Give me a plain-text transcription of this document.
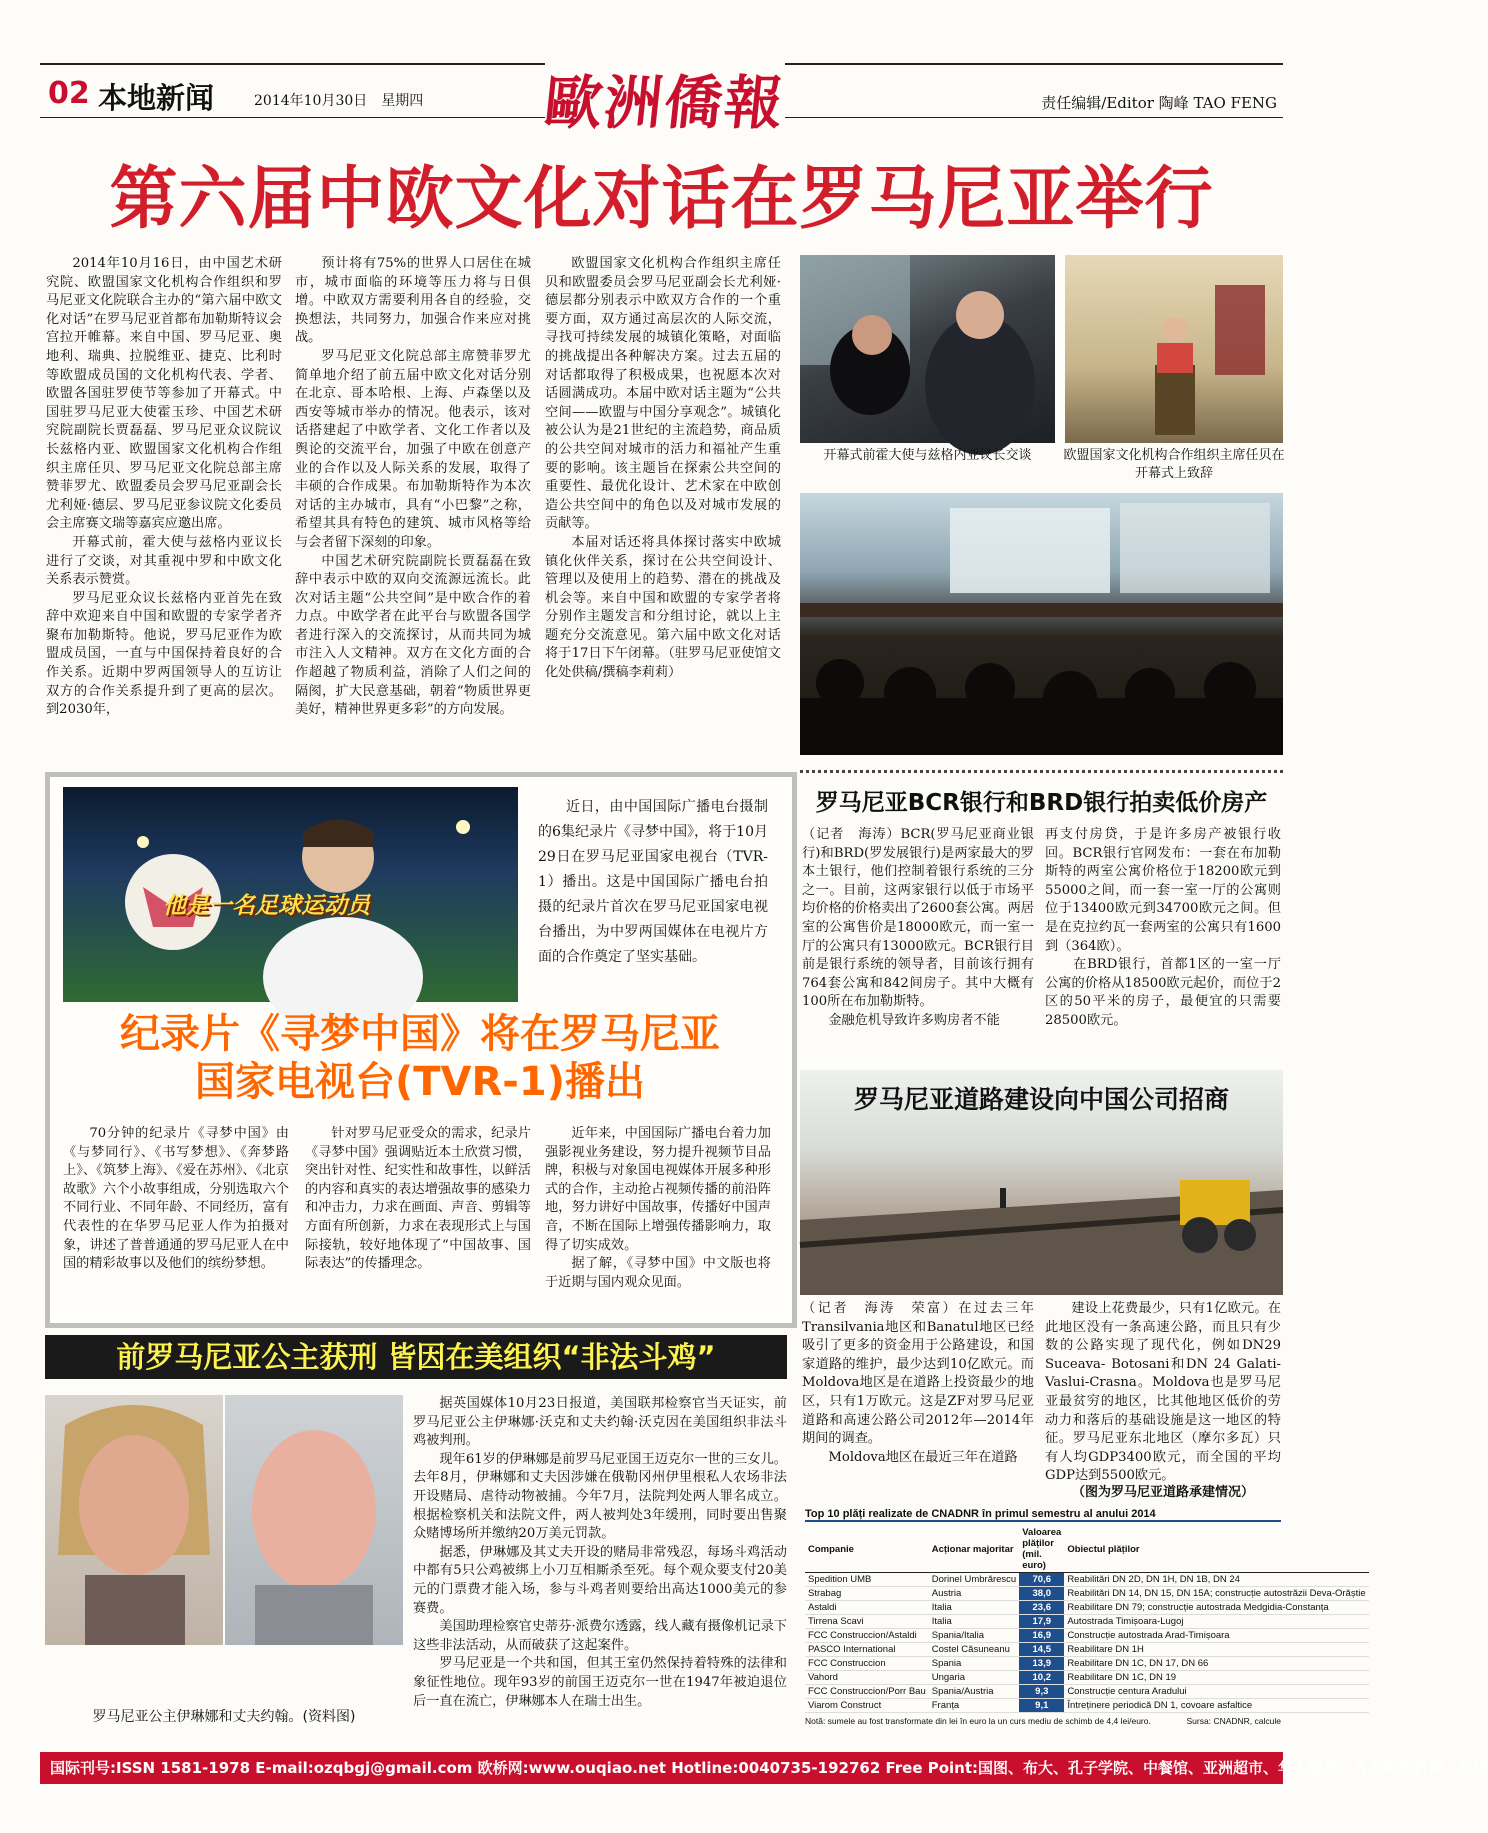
02 本地新闻	2014年10月30日　星期四 歐洲僑報	责任编辑/Editor 陶峰 TAO FENG
第六届中欧文化对话在罗马尼亚举行

2014年10月16日，由中国艺术研究院、欧盟国家文化机构合作组织和罗马尼亚文化院联合主办的“第六届中欧文化对话”在罗马尼亚首都布加勒斯特议会宫拉开帷幕。来自中国、罗马尼亚、奥地利、瑞典、拉脱维亚、捷克、比利时等欧盟成员国的文化机构代表、学者、欧盟各国驻罗使节等参加了开幕式。中国驻罗马尼亚大使霍玉珍、中国艺术研究院副院长贾磊磊、罗马尼亚众议院议长兹格内亚、欧盟国家文化机构合作组织主席任贝、罗马尼亚文化院总部主席赞菲罗尤、欧盟委员会罗马尼亚副会长尤利娅·德层、罗马尼亚参议院文化委员会主席赛文瑞等嘉宾应邀出席。

开幕式前，霍大使与兹格内亚议长进行了交谈，对其重视中罗和中欧文化关系表示赞赏。

罗马尼亚众议长兹格内亚首先在致辞中欢迎来自中国和欧盟的专家学者齐聚布加勒斯特。他说，罗马尼亚作为欧盟成员国，一直与中国保持着良好的合作关系。近期中罗两国领导人的互访让双方的合作关系提升到了更高的层次。到2030年，

预计将有75%的世界人口居住在城市，城市面临的环境等压力将与日俱增。中欧双方需要利用各自的经验，交换想法，共同努力，加强合作来应对挑战。

罗马尼亚文化院总部主席赞菲罗尤简单地介绍了前五届中欧文化对话分别在北京、哥本哈根、上海、卢森堡以及西安等城市举办的情况。他表示，该对话搭建起了中欧学者、文化工作者以及舆论的交流平台，加强了中欧在创意产业的合作以及人际关系的发展，取得了丰硕的合作成果。布加勒斯特作为本次对话的主办城市，具有“小巴黎”之称，希望其具有特色的建筑、城市风格等给与会者留下深刻的印象。

中国艺术研究院副院长贾磊磊在致辞中表示中欧的双向交流源远流长。此次对话主题“公共空间”是中欧合作的着力点。中欧学者在此平台与欧盟各国学者进行深入的交流探讨，从而共同为城市注入人文精神。双方在文化方面的合作超越了物质利益，消除了人们之间的隔阂，扩大民意基础，朝着“物质世界更美好，精神世界更多彩”的方向发展。

欧盟国家文化机构合作组织主席任贝和欧盟委员会罗马尼亚副会长尤利娅·德层都分别表示中欧双方合作的一个重要方面，双方通过高层次的人际交流，寻找可持续发展的城镇化策略，对面临的挑战提出各种解决方案。过去五届的对话都取得了积极成果，也祝愿本次对话圆满成功。本届中欧对话主题为“公共空间——欧盟与中国分享观念”。城镇化被公认为是21世纪的主流趋势，商品质的公共空间对城市的活力和福祉产生重要的影响。该主题旨在探索公共空间的重要性、最优化设计、艺术家在中欧创造公共空间中的角色以及对城市发展的贡献等。

本届对话还将具体探讨落实中欧城镇化伙伴关系，探讨在公共空间设计、管理以及使用上的趋势、潜在的挑战及机会等。来自中国和欧盟的专家学者将分别作主题发言和分组讨论，就以上主题充分交流意见。第六届中欧文化对话将于17日下午闭幕。（驻罗马尼亚使馆文化处供稿/撰稿李莉莉）

开幕式前霍大使与兹格内亚议长交谈	欧盟国家文化机构合作组织主席任贝在开幕式上致辞
他是一名足球运动员

近日，由中国国际广播电台摄制的6集纪录片《寻梦中国》，将于10月29日在罗马尼亚国家电视台（TVR-1）播出。这是中国国际广播电台拍摄的纪录片首次在罗马尼亚国家电视台播出，为中罗两国媒体在电视片方面的合作奠定了坚实基础。

纪录片《寻梦中国》将在罗马尼亚
国家电视台(TVR-1)播出

70分钟的纪录片《寻梦中国》由《与梦同行》、《书写梦想》、《奔梦路上》、《筑梦上海》、《爱在苏州》、《北京故歌》六个小故事组成，分别选取六个不同行业、不同年龄、不同经历，富有代表性的在华罗马尼亚人作为拍摄对象，讲述了普普通通的罗马尼亚人在中国的精彩故事以及他们的缤纷梦想。

针对罗马尼亚受众的需求，纪录片《寻梦中国》强调贴近本土欣赏习惯，突出针对性、纪实性和故事性，以鲜活的内容和真实的表达增强故事的感染力和冲击力，力求在画面、声音、剪辑等方面有所创新，力求在表现形式上与国际接轨，较好地体现了“中国故事、国际表达”的传播理念。

近年来，中国国际广播电台着力加强影视业务建设，努力提升视频节目品牌，积极与对象国电视媒体开展多种形式的合作，主动抢占视频传播的前沿阵地，努力讲好中国故事，传播好中国声音，不断在国际上增强传播影响力，取得了切实成效。

据了解，《寻梦中国》中文版也将于近期与国内观众见面。

罗马尼亚BCR银行和BRD银行拍卖低价房产
（记者　海涛）BCR(罗马尼亚商业银行)和BRD(罗发展银行)是两家最大的罗本土银行，他们控制着银行系统的三分之一。目前，这两家银行以低于市场平均价格的价格卖出了2600套公寓。两居室的公寓售价是18000欧元，而一室一厅的公寓只有13000欧元。BCR银行目前是银行系统的领导者，目前该行拥有764套公寓和842间房子。其中大概有100所在布加勒斯特。
　　金融危机导致许多购房者不能
再支付房贷，于是许多房产被银行收回。BCR银行官网发布：一套在布加勒斯特的两室公寓价格位于18200欧元到55000之间，而一套一室一厅的公寓则位于13400欧元到34700欧元之间。但是在克拉约瓦一套两室的公寓只有1600到（364欧）。
　　在BRD银行，首都1区的一室一厅公寓的价格从18500欧元起价，而位于2区的50平米的房子，最便宜的只需要28500欧元。
罗马尼亚道路建设向中国公司招商
（记者　海涛　荣富）在过去三年Transilvania地区和Banatul地区已经吸引了更多的资金用于公路建设，和国家道路的维护，最少达到10亿欧元。而Moldova地区是在道路上投资最少的地区，只有1万欧元。这是ZF对罗马尼亚道路和高速公路公司2012年—2014年期间的调查。
　　Moldova地区在最近三年在道路

建设上花费最少，只有1亿欧元。在此地区没有一条高速公路，而且只有少数的公路实现了现代化，例如DN29 Suceava- Botosani和DN 24 Galati-Vaslui-Crasna。Moldova也是罗马尼亚最贫穷的地区，比其他地区低价的劳动力和落后的基础设施是这一地区的特征。罗马尼亚东北地区（摩尔多瓦）只有人均GDP3400欧元，而全国的平均GDP达到5500欧元。

（图为罗马尼亚道路承建情况）
Top 10 plăți realizate de CNADNR în primul semestru al anului 2014
Companie	Acționar majoritar	Valoarea plăților (mil. euro)	Obiectul plăților
Spedition UMB	Dorinel Umbrărescu	70,6	Reabilitări DN 2D, DN 1H, DN 1B, DN 24
Strabag	Austria	38,0	Reabilitări DN 14, DN 15, DN 15A; construcție autostrăzii Deva-Orăștie
Astaldi	Italia	23,6	Reabilitare DN 79; construcție autostrada Medgidia-Constanța
Tirrena Scavi	Italia	17,9	Autostrada Timișoara-Lugoj
FCC Construccion/Astaldi	Spania/Italia	16,9	Construcție autostrada Arad-Timișoara
PASCO International	Costel Căsuneanu	14,5	Reabilitare DN 1H
FCC Construccion	Spania	13,9	Reabilitare DN 1C, DN 17, DN 66
Vahord	Ungaria	10,2	Reabilitare DN 1C, DN 19
FCC Construccion/Porr Bau	Spania/Austria	9,3	Construcție centura Aradului
Viarom Construct	Franța	9,1	Întreținere periodică DN 1, covoare asfaltice
Notă: sumele au fost transformate din lei în euro la un curs mediu de schimb de 4,4 lei/euro.	Sursa: CNADNR, calcule
前罗马尼亚公主获刑 皆因在美组织“非法斗鸡”
罗马尼亚公主伊琳娜和丈夫约翰。(资料图)

据英国媒体10月23日报道，美国联邦检察官当天证实，前罗马尼亚公主伊琳娜·沃克和丈夫约翰·沃克因在美国组织非法斗鸡被判刑。

现年61岁的伊琳娜是前罗马尼亚国王迈克尔一世的三女儿。去年8月，伊琳娜和丈夫因涉嫌在俄勒冈州伊里根私人农场非法开设赌局、虐待动物被捕。今年7月，法院判处两人罪名成立。根据检察机关和法院文件，两人被判处3年缓刑，同时要出售聚众赌博场所并缴纳20万美元罚款。

据悉，伊琳娜及其丈夫开设的赌局非常残忍，每场斗鸡活动中都有5只公鸡被绑上小刀互相厮杀至死。每个观众要支付20美元的门票费才能入场，参与斗鸡者则要给出高达1000美元的参赛费。

美国助理检察官史蒂芬·派费尔透露，线人藏有摄像机记录下这些非法活动，从而破获了这起案件。

罗马尼亚是一个共和国，但其王室仍然保持着特殊的法律和象征性地位。现年93岁的前国王迈克尔一世在1947年被迫退位后一直在流亡，伊琳娜本人在瑞士出生。

国际刊号:ISSN 1581-1978 E-mail:ozqbgj@gmail.com 欧桥网:www.ouqiao.net Hotline:0040735-192762 Free Point:国图、布大、孔子学院、中餐馆、亚洲超市、华人超市、各大中资机构、机场
